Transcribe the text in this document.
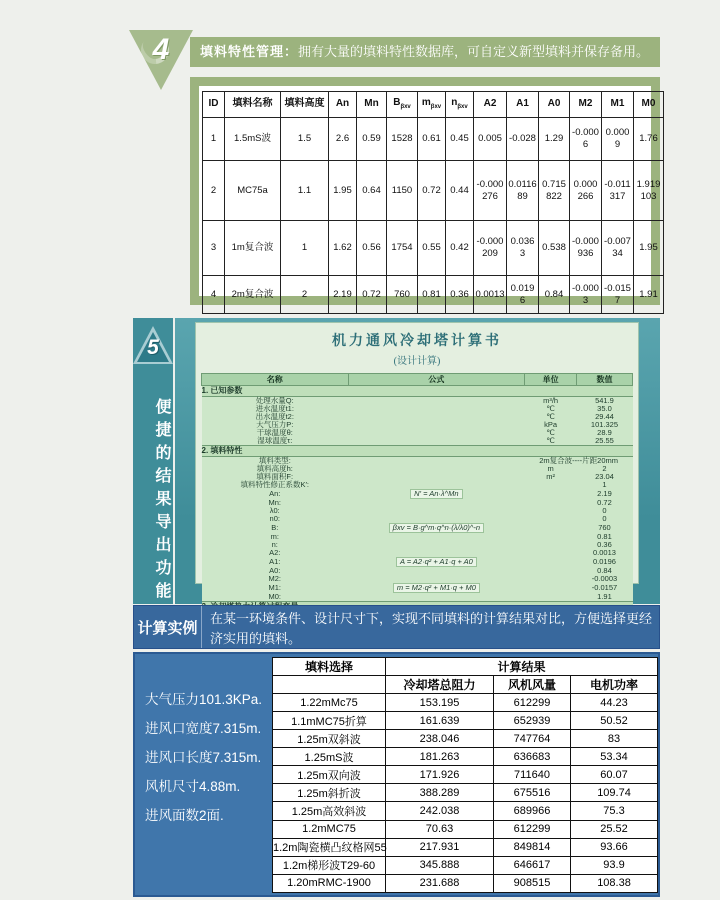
4	填料特性管理：拥有大量的填料特性数据库，可自定义新型填料并保存备用。
ID	填料名称	填料高度	An	Mn	$B_{\beta xv}$	$m_{\beta xv}$	$n_{\beta xv}$	A2	A1	A0	M2	M1	M0
1	1.5mS波	1.5	2.6	0.59	1528	0.61	0.45	0.005	-0.028	1.29	-0.0006	0.0009	1.76
2	MC75a	1.1	1.95	0.64	1150	0.72	0.44	-0.000276	0.011689	0.715822	0.000266	-0.011317	1.919103
3	1m复合波	1	1.62	0.56	1754	0.55	0.42	-0.000209	0.0363	0.538	-0.000936	-0.00734	1.95
4	2m复合波	2	2.19	0.72	760	0.81	0.36	0.0013	0.0196	0.84	-0.0003	-0.0157	1.91
5
便捷的结果导出功能
机力通风冷却塔计算书
(设计计算)
名称	公式	单位	数值
1. 已知参数			
处理水量Q:		m³/h	541.9
进水温度t1:		℃	35.0
出水温度t2:		℃	29.44
大气压力P:		kPa	101.325
干球温度θ:		℃	28.9
湿球温度τ:		℃	25.55
2. 填料特性			
填料类型:		2m复合波----片距20mm	
填料高度h:		m	2
填料面积F:		m²	23.04
填料特性修正系数K′:			1
An:	N′ = An·λ^Mn		2.19
Mn:			0.72
λ0:			0
n0:			0
B:	βxv = B·g^m·q^n·(λ/λ0)^-n		760
m:			0.81
n:			0.36
A2:			0.0013
A1:	A = A2·q² + A1·q + A0		0.0196
A0:			0.84
M2:			-0.0003
M1:	m = M2·q² + M1·q + M0		-0.0157
M0:			1.91

计算实例
在某一环境条件、设计尺寸下，实现不同填料的计算结果对比，方便选择更经济实用的填料。
大气压力101.3KPa.
进风口宽度7.315m.
进风口长度7.315m.
风机尺寸4.88m.
进风面数2面.
填料选择	计算结果		
	冷却塔总阻力	风机风量	电机功率
1.22mMc75	153.195	612299	44.23
1.1mMC75折算	161.639	652939	50.52
1.25m双斜波	238.046	747764	83
1.25mS波	181.263	636683	53.34
1.25m双向波	171.926	711640	60.07
1.25m斜折波	388.289	675516	109.74
1.25m高效斜波	242.038	689966	75.3
1.2mMC75	70.63	612299	25.52
1.2m陶瓷横凸纹格网55	217.931	849814	93.66
1.2m梯形波T29-60	345.888	646617	93.9
1.20mRMC-1900	231.688	908515	108.38
